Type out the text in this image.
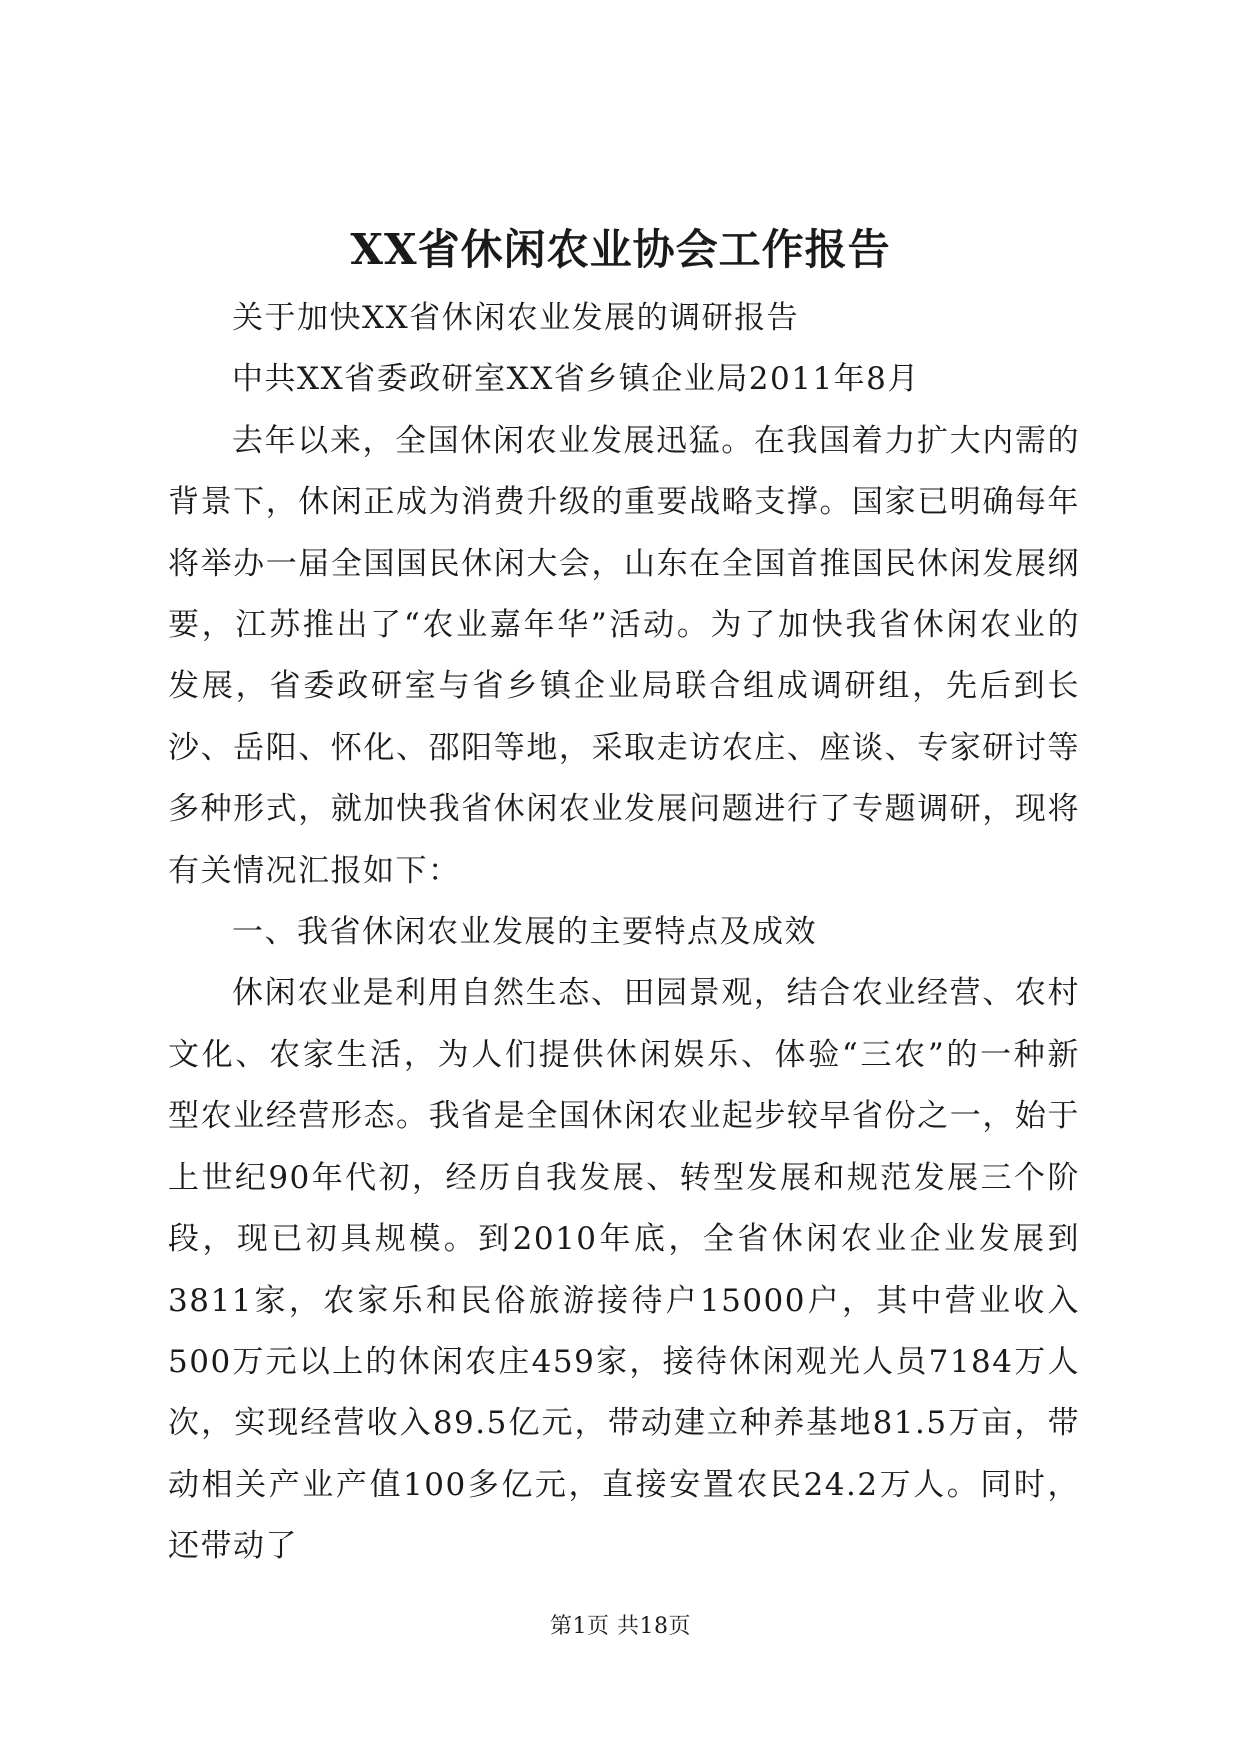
XX省休闲农业协会工作报告

关于加快XX省休闲农业发展的调研报告

中共XX省委政研室XX省乡镇企业局2011年8月

去年以来，全国休闲农业发展迅猛。在我国着力扩大内需的背景下，休闲正成为消费升级的重要战略支撑。国家已明确每年将举办一届全国国民休闲大会，山东在全国首推国民休闲发展纲要，江苏推出了“农业嘉年华”活动。为了加快我省休闲农业的发展，省委政研室与省乡镇企业局联合组成调研组，先后到长沙、岳阳、怀化、邵阳等地，采取走访农庄、座谈、专家研讨等多种形式，就加快我省休闲农业发展问题进行了专题调研，现将有关情况汇报如下：

一、我省休闲农业发展的主要特点及成效

休闲农业是利用自然生态、田园景观，结合农业经营、农村文化、农家生活，为人们提供休闲娱乐、体验“三农”的一种新型农业经营形态。我省是全国休闲农业起步较早省份之一，始于上世纪90年代初，经历自我发展、转型发展和规范发展三个阶段，现已初具规模。到2010年底，全省休闲农业企业发展到3811家，农家乐和民俗旅游接待户15000户，其中营业收入500万元以上的休闲农庄459家，接待休闲观光人员7184万人次，实现经营收入89.5亿元，带动建立种养基地81.5万亩，带动相关产业产值100多亿元，直接安置农民24.2万人。同时，还带动了

第1页 共18页
